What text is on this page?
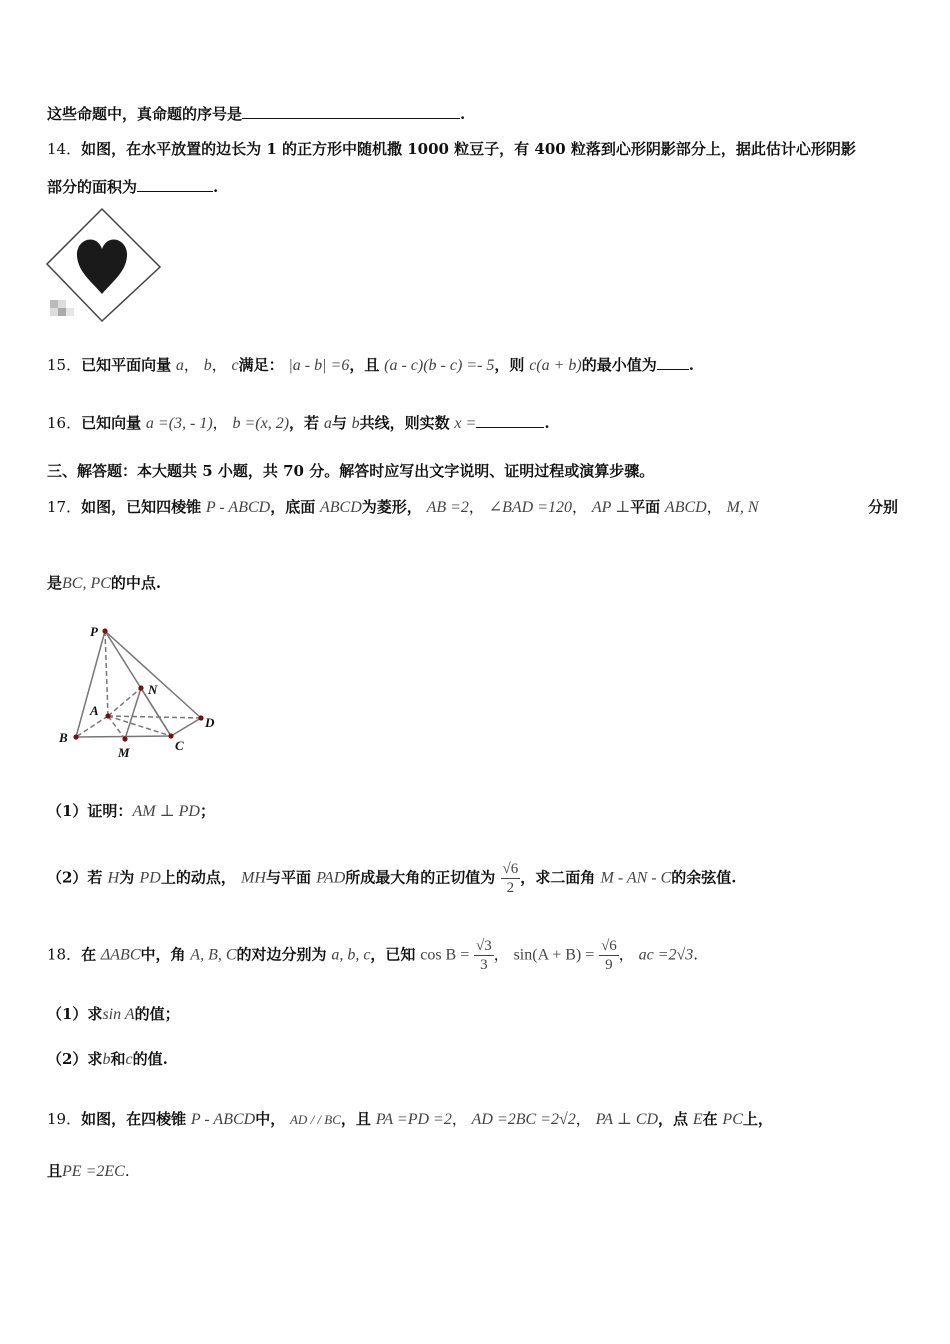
这些命题中，真命题的序号是	.
14．如图，在水平放置的边长为 1 的正方形中随机撒 1000 粒豆子，有 400 粒落到心形阴影部分上，据此估计心形阴影
部分的面积为	.
15．已知平面向量 a， b， c满足： |a - b| =6，且 (a - c)(b - c) =- 5，则 c(a + b)的最小值为 .
16．已知向量 a =(3, - 1)， b =(x, 2)，若 a与 b共线，则实数 x =	.
三、解答题：本大题共 5 小题，共 70 分。解答时应写出文字说明、证明过程或演算步骤。
17．如图，已知四棱锥 P - ABCD，底面 ABCD为菱形， AB =2， ∠BAD =120， AP ⊥平面 ABCD， M, N	分别
是BC, PC的中点.
P
N
A
D
B
M	C
（1）证明：AM ⊥ PD；
（2）若 H为 PD上的动点， MH与平面 PAD所成最大角的正切值为 $\frac{√6}{2}$ ，求二面角 M - AN - C的余弦值.
18．在 ΔABC中，角 A, B, C的对边分别为 a, b, c，已知 $\cos B = \frac{√3}{3}$ ， $\sin(A + B) = \frac{√6}{9}$ ， ac =2√3.
（1）求sin A的值；
（2）求b和c的值.
19．如图，在四棱锥 P - ABCD中， AD / / BC，且 PA =PD =2， AD =2BC =2√2， PA ⊥ CD，点 E在 PC上，
且PE =2EC.
